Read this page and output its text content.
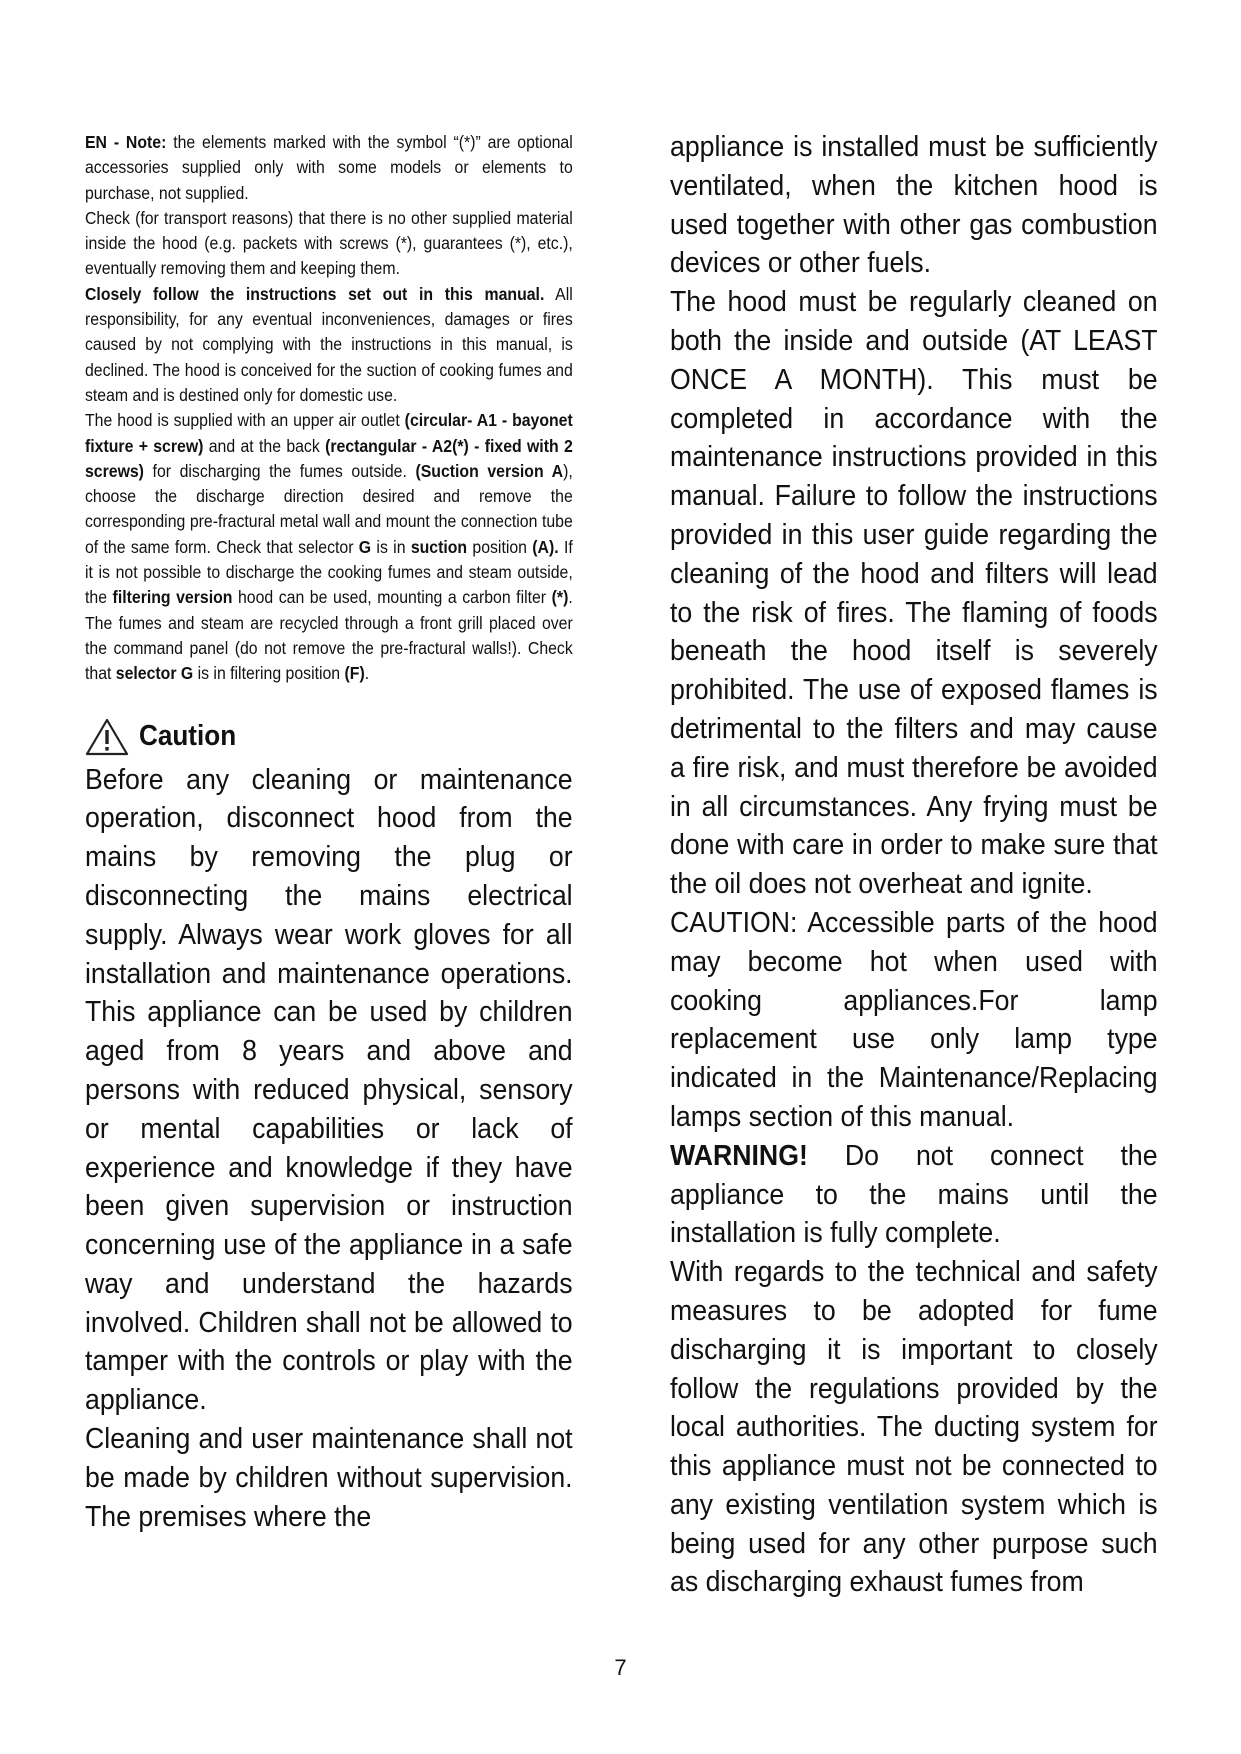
EN - Note: the elements marked with the symbol “(*)” are optional accessories supplied only with some models or elements to purchase, not supplied.

Check (for transport reasons) that there is no other supplied material inside the hood (e.g. packets with screws (*), guarantees (*), etc.), eventually removing them and keeping them.

Closely follow the instructions set out in this manual. All responsibility, for any eventual inconveniences, damages or fires caused by not complying with the instructions in this manual, is declined. The hood is conceived for the suction of cooking fumes and steam and is destined only for domestic use.

The hood is supplied with an upper air outlet (circular- A1 - bayonet fixture + screw) and at the back (rectangular - A2(*) - fixed with 2 screws) for discharging the fumes outside. (Suction version A), choose the discharge direction desired and remove the corresponding pre-fractural metal wall and mount the connection tube of the same form. Check that selector G is in suction position (A). If it is not possible to discharge the cooking fumes and steam outside, the filtering version hood can be used, mounting a carbon filter (*). The fumes and steam are recycled through a front grill placed over the command panel (do not remove the pre-fractural walls!). Check that selector G is in filtering position (F).

Caution

Before any cleaning or maintenance operation, disconnect hood from the mains by removing the plug or disconnecting the mains electrical supply. Always wear work gloves for all installation and maintenance operations. This appliance can be used by children aged from 8 years and above and persons with reduced physical, sensory or mental capabilities or lack of experience and knowledge if they have been given supervision or instruction concerning use of the appliance in a safe way and understand the hazards involved. Children shall not be allowed to tamper with the controls or play with the appliance.

Cleaning and user maintenance shall not be made by children without supervision. The premises where the

appliance is installed must be sufficiently ventilated, when the kitchen hood is used together with other gas combustion devices or other fuels.

The hood must be regularly cleaned on both the inside and outside (AT LEAST ONCE A MONTH). This must be completed in accordance with the maintenance instructions provided in this manual. Failure to follow the instructions provided in this user guide regarding the cleaning of the hood and filters will lead to the risk of fires. The flaming of foods beneath the hood itself is severely prohibited. The use of exposed flames is detrimental to the filters and may cause a fire risk, and must therefore be avoided in all circumstances. Any frying must be done with care in order to make sure that the oil does not overheat and ignite.

CAUTION: Accessible parts of the hood may become hot when used with cooking appliances.For lamp replacement use only lamp type indicated in the Maintenance/Replacing lamps section of this manual.

WARNING! Do not connect the appliance to the mains until the installation is fully complete.

With regards to the technical and safety measures to be adopted for fume discharging it is important to closely follow the regulations provided by the local authorities. The ducting system for this appliance must not be connected to any existing ventilation system which is being used for any other purpose such as discharging exhaust fumes from

7
